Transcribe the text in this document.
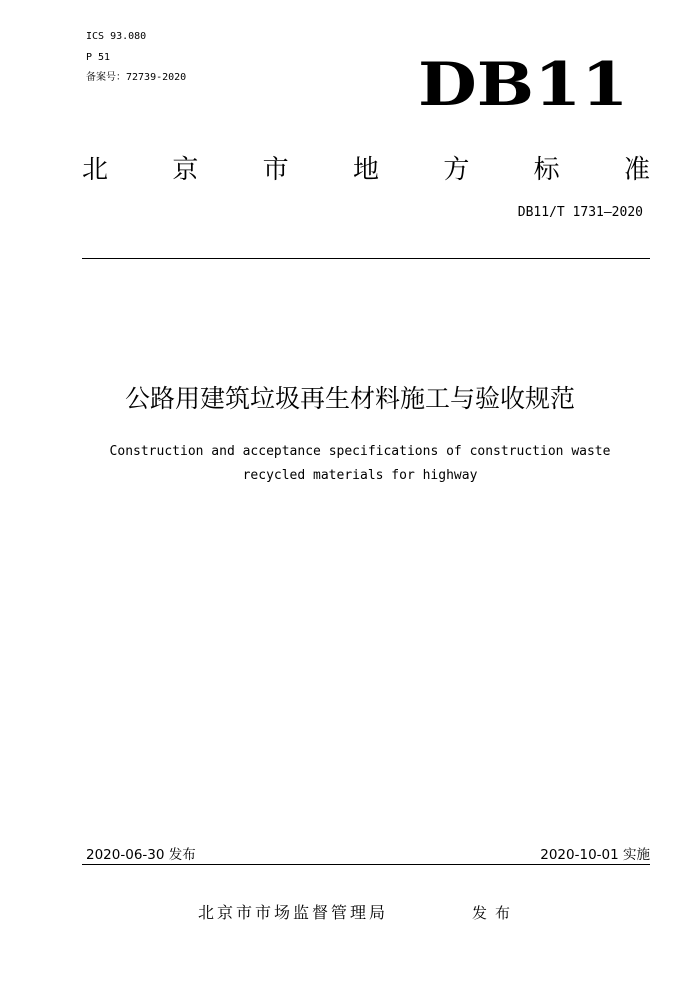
ICS 93.080
P 51
备案号：72739-2020	DB11
北 京 市 地 方 标 准
DB11/T 1731—2020
公路用建筑垃圾再生材料施工与验收规范
Construction and acceptance specifications of construction waste
recycled materials for highway
2020-06-30 发布	2020-10-01 实施
北京市市场监督管理局	发布
